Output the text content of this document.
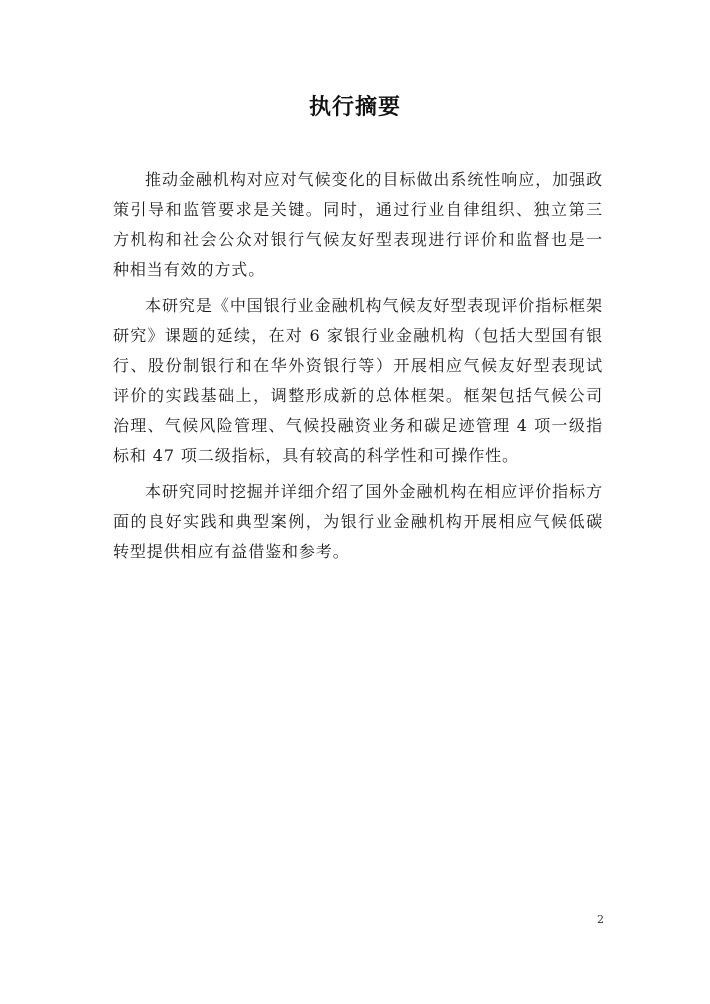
执行摘要

推动金融机构对应对气候变化的目标做出系统性响应，加强政策引导和监管要求是关键。同时，通过行业自律组织、独立第三方机构和社会公众对银行气候友好型表现进行评价和监督也是一种相当有效的方式。

本研究是《中国银行业金融机构气候友好型表现评价指标框架研究》课题的延续，在对 6 家银行业金融机构（包括大型国有银行、股份制银行和在华外资银行等）开展相应气候友好型表现试评价的实践基础上，调整形成新的总体框架。框架包括气候公司治理、气候风险管理、气候投融资业务和碳足迹管理 4 项一级指标和 47 项二级指标，具有较高的科学性和可操作性。

本研究同时挖掘并详细介绍了国外金融机构在相应评价指标方面的良好实践和典型案例，为银行业金融机构开展相应气候低碳转型提供相应有益借鉴和参考。

2
